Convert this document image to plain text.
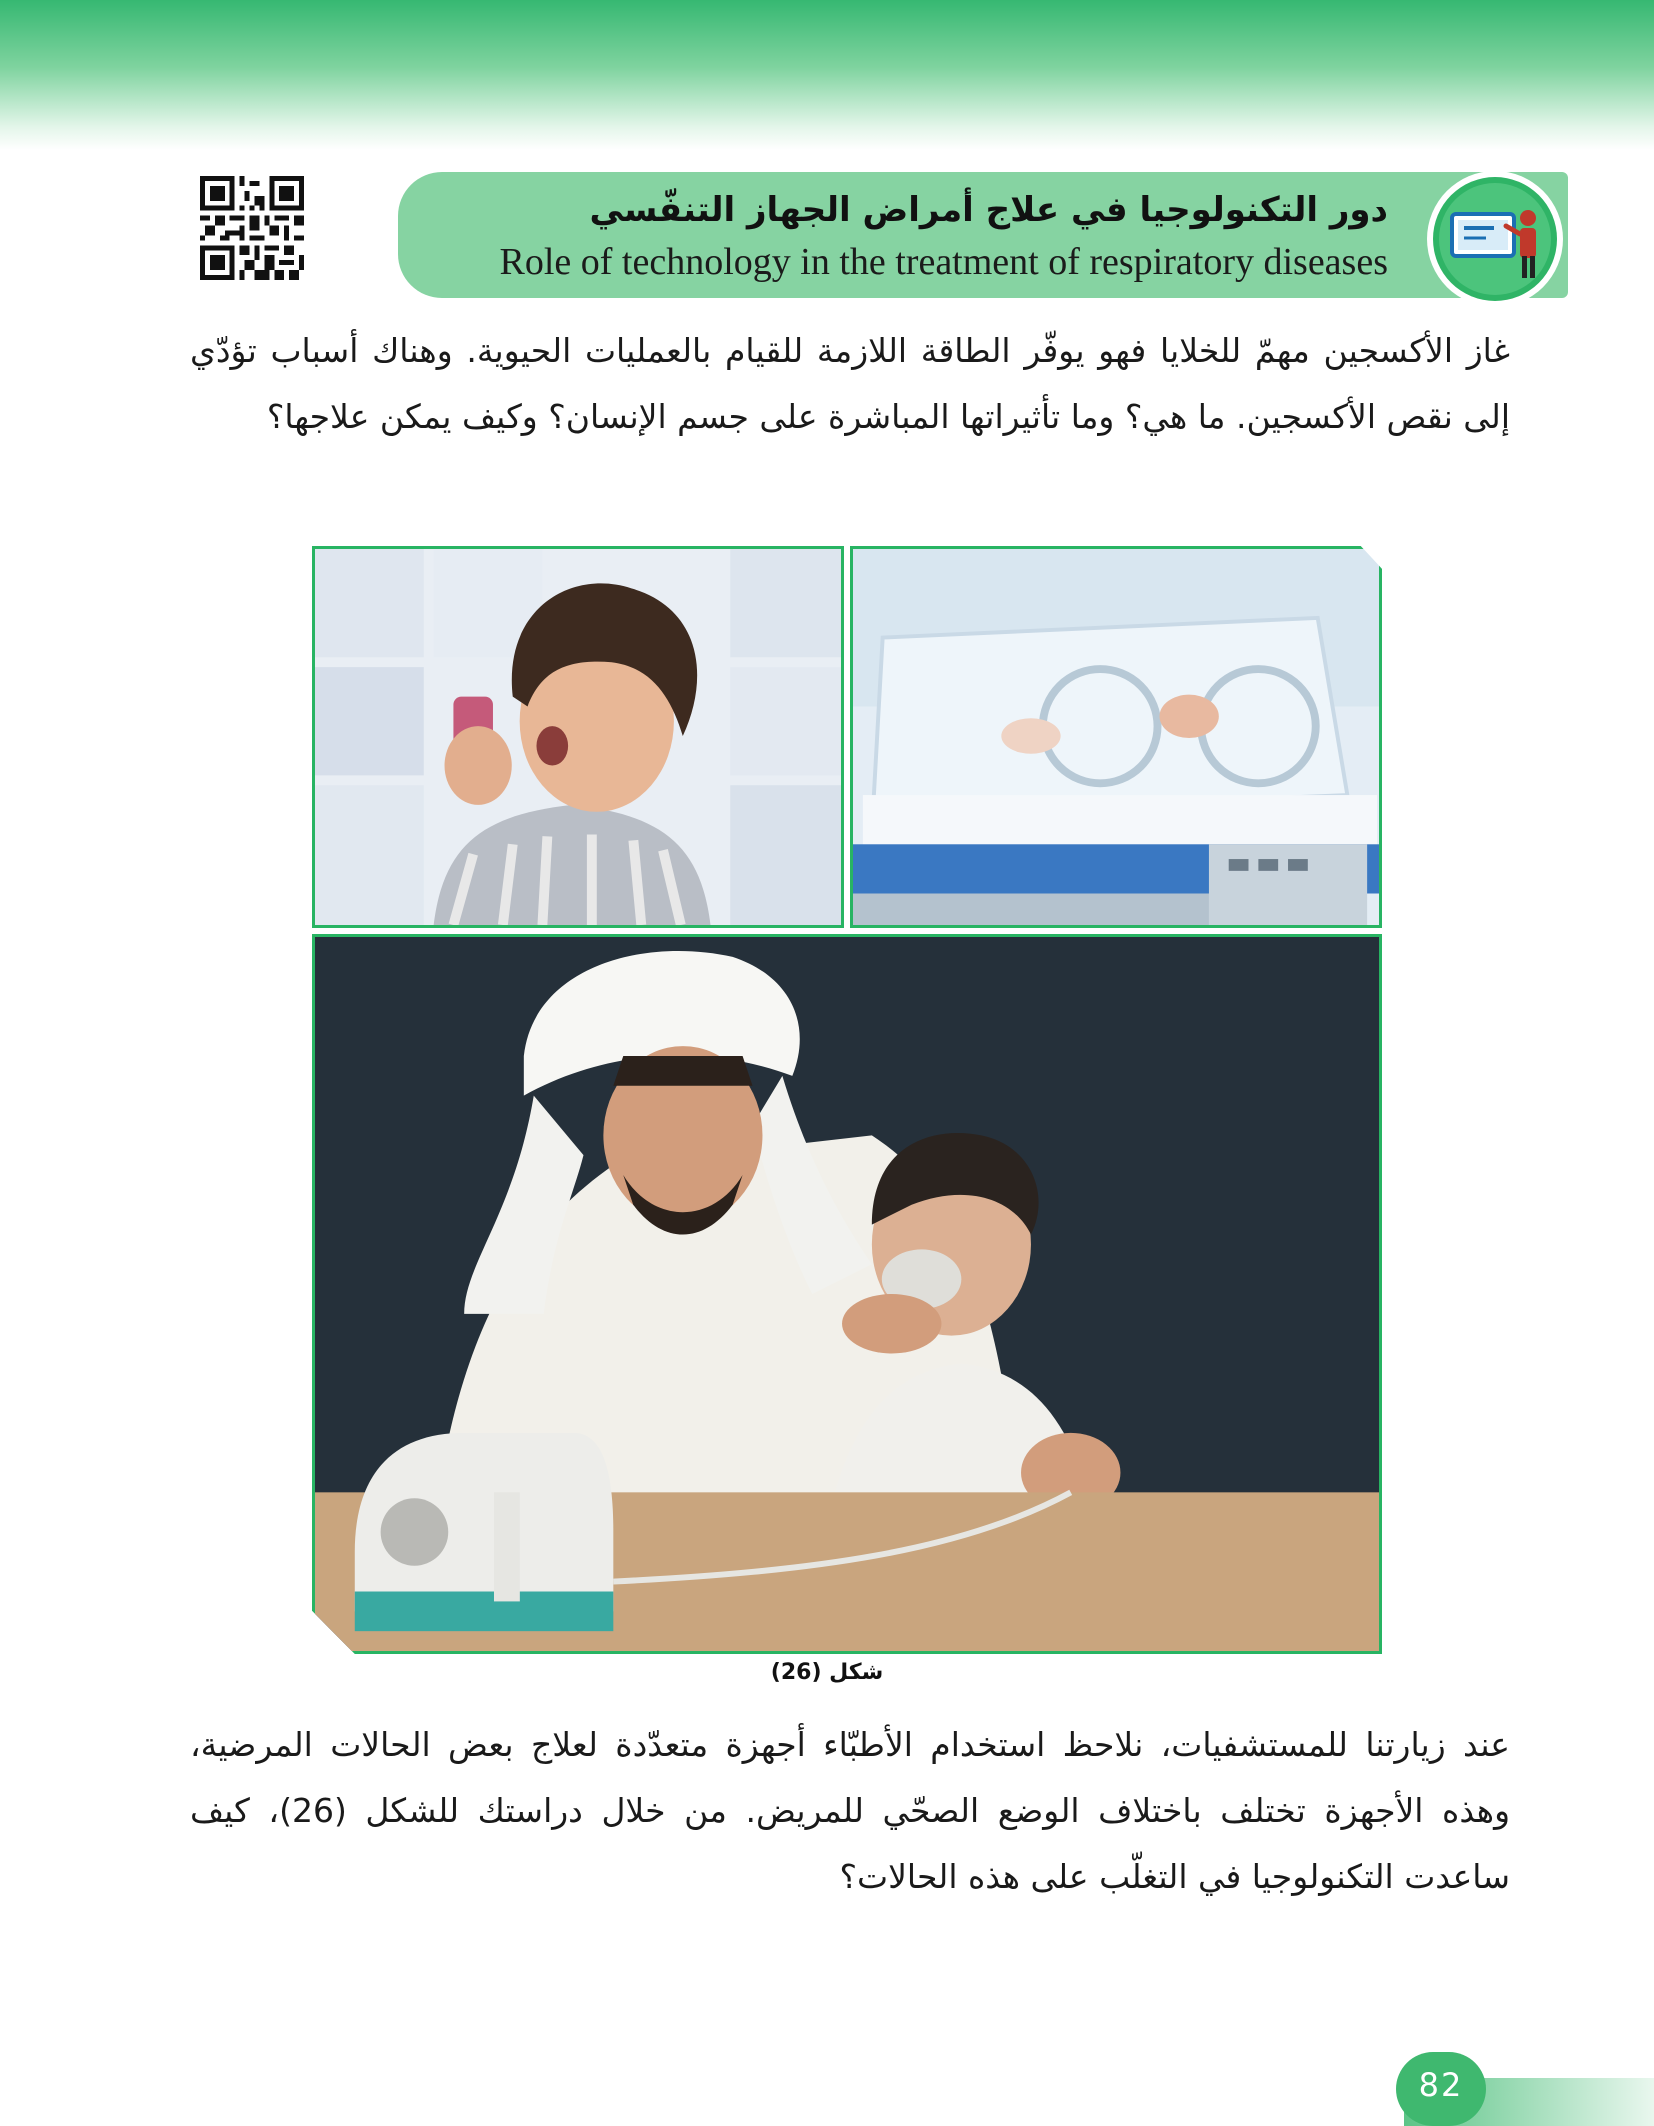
دور التكنولوجيا في علاج أمراض الجهاز التنفّسي
Role of technology in the treatment of respiratory diseases
غاز الأكسجين مهمّ للخلايا فهو يوفّر الطاقة اللازمة للقيام بالعمليات الحيوية. وهناك أسباب تؤدّي إلى نقص الأكسجين. ما هي؟ وما تأثيراتها المباشرة على جسم الإنسان؟ وكيف يمكن علاجها؟
شكل (26)
عند زيارتنا للمستشفيات، نلاحظ استخدام الأطبّاء أجهزة متعدّدة لعلاج بعض الحالات المرضية، وهذه الأجهزة تختلف باختلاف الوضع الصحّي للمريض. من خلال دراستك للشكل (26)، كيف ساعدت التكنولوجيا في التغلّب على هذه الحالات؟
82
